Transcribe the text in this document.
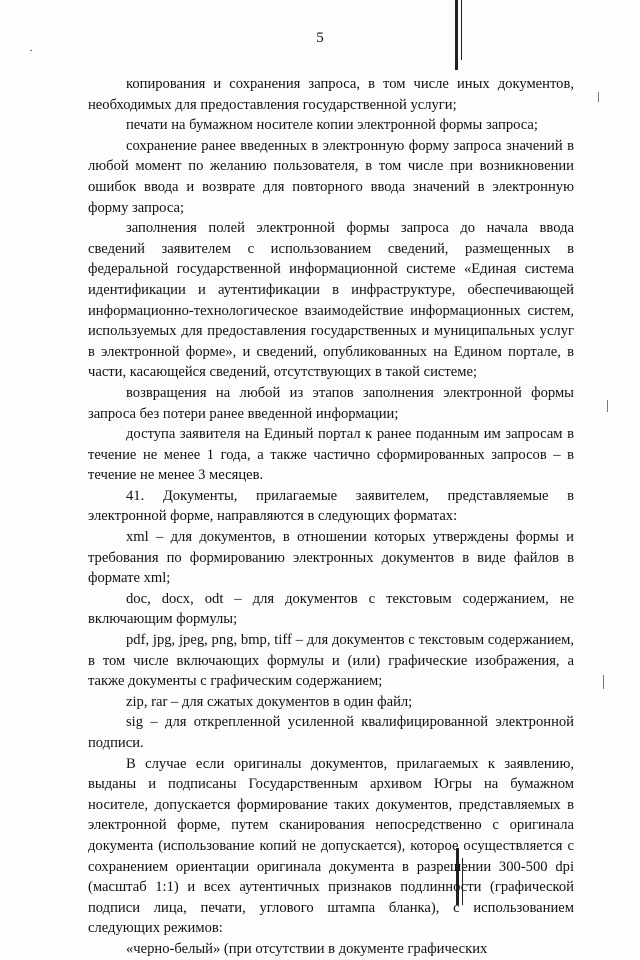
5

копирования и сохранения запроса, в том числе иных документов, необходимых для предоставления государственной услуги;

печати на бумажном носителе копии электронной формы запроса;

сохранение ранее введенных в электронную форму запроса значений в любой момент по желанию пользователя, в том числе при возникновении ошибок ввода и возврате для повторного ввода значений в электронную форму запроса;

заполнения полей электронной формы запроса до начала ввода сведений заявителем с использованием сведений, размещенных в федеральной государственной информационной системе «Единая система идентификации и аутентификации в инфраструктуре, обеспечивающей информационно-технологическое взаимодействие информационных систем, используемых для предоставления государственных и муниципальных услуг в электронной форме», и сведений, опубликованных на Едином портале, в части, касающейся сведений, отсутствующих в такой системе;

возвращения на любой из этапов заполнения электронной формы запроса без потери ранее введенной информации;

доступа заявителя на Единый портал к ранее поданным им запросам в течение не менее 1 года, а также частично сформированных запросов – в течение не менее 3 месяцев.

41. Документы, прилагаемые заявителем, представляемые в электронной форме, направляются в следующих форматах:

xml – для документов, в отношении которых утверждены формы и требования по формированию электронных документов в виде файлов в формате xml;

doc, docx, odt – для документов с текстовым содержанием, не включающим формулы;

pdf, jpg, jpeg, png, bmp, tiff – для документов с текстовым содержанием, в том числе включающих формулы и (или) графические изображения, а также документы с графическим содержанием;

zip, rar – для сжатых документов в один файл;

sig – для открепленной усиленной квалифицированной электронной подписи.

В случае если оригиналы документов, прилагаемых к заявлению, выданы и подписаны Государственным архивом Югры на бумажном носителе, допускается формирование таких документов, представляемых в электронной форме, путем сканирования непосредственно с оригинала документа (использование копий не допускается), которое осуществляется с сохранением ориентации оригинала документа в разрешении 300-500 dpi (масштаб 1:1) и всех аутентичных признаков подлинности (графической подписи лица, печати, углового штампа бланка), с использованием следующих режимов:

«черно-белый» (при отсутствии в документе графических
